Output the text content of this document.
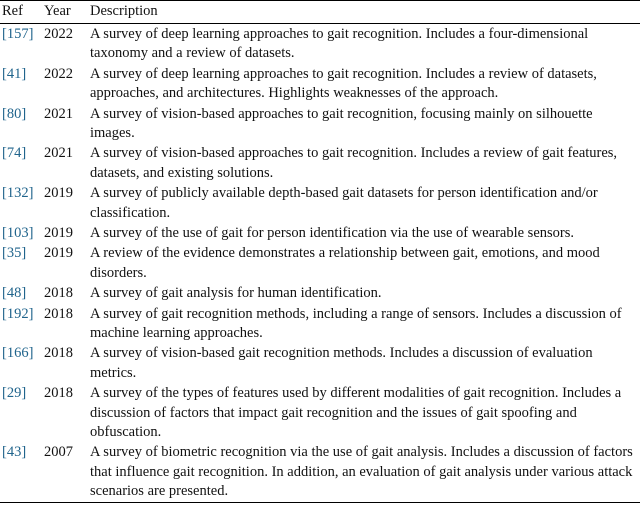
Ref	Year	Description
[157]	2022	A survey of deep learning approaches to gait recognition. Includes a four-dimensional taxonomy and a review of datasets.
[41]	2022	A survey of deep learning approaches to gait recognition. Includes a review of datasets, approaches, and architectures. Highlights weaknesses of the approach.
[80]	2021	A survey of vision-based approaches to gait recognition, focusing mainly on silhouette images.
[74]	2021	A survey of vision-based approaches to gait recognition. Includes a review of gait features, datasets, and existing solutions.
[132]	2019	A survey of publicly available depth-based gait datasets for person identification and/or classification.
[103]	2019	A survey of the use of gait for person identification via the use of wearable sensors.
[35]	2019	A review of the evidence demonstrates a relationship between gait, emotions, and mood disorders.
[48]	2018	A survey of gait analysis for human identification.
[192]	2018	A survey of gait recognition methods, including a range of sensors. Includes a discussion of machine learning approaches.
[166]	2018	A survey of vision-based gait recognition methods. Includes a discussion of evaluation metrics.
[29]	2018	A survey of the types of features used by different modalities of gait recognition. Includes a discussion of factors that impact gait recognition and the issues of gait spoofing and obfuscation.
[43]	2007	A survey of biometric recognition via the use of gait analysis. Includes a discussion of factors that influence gait recognition. In addition, an evaluation of gait analysis under various attack scenarios are presented.
